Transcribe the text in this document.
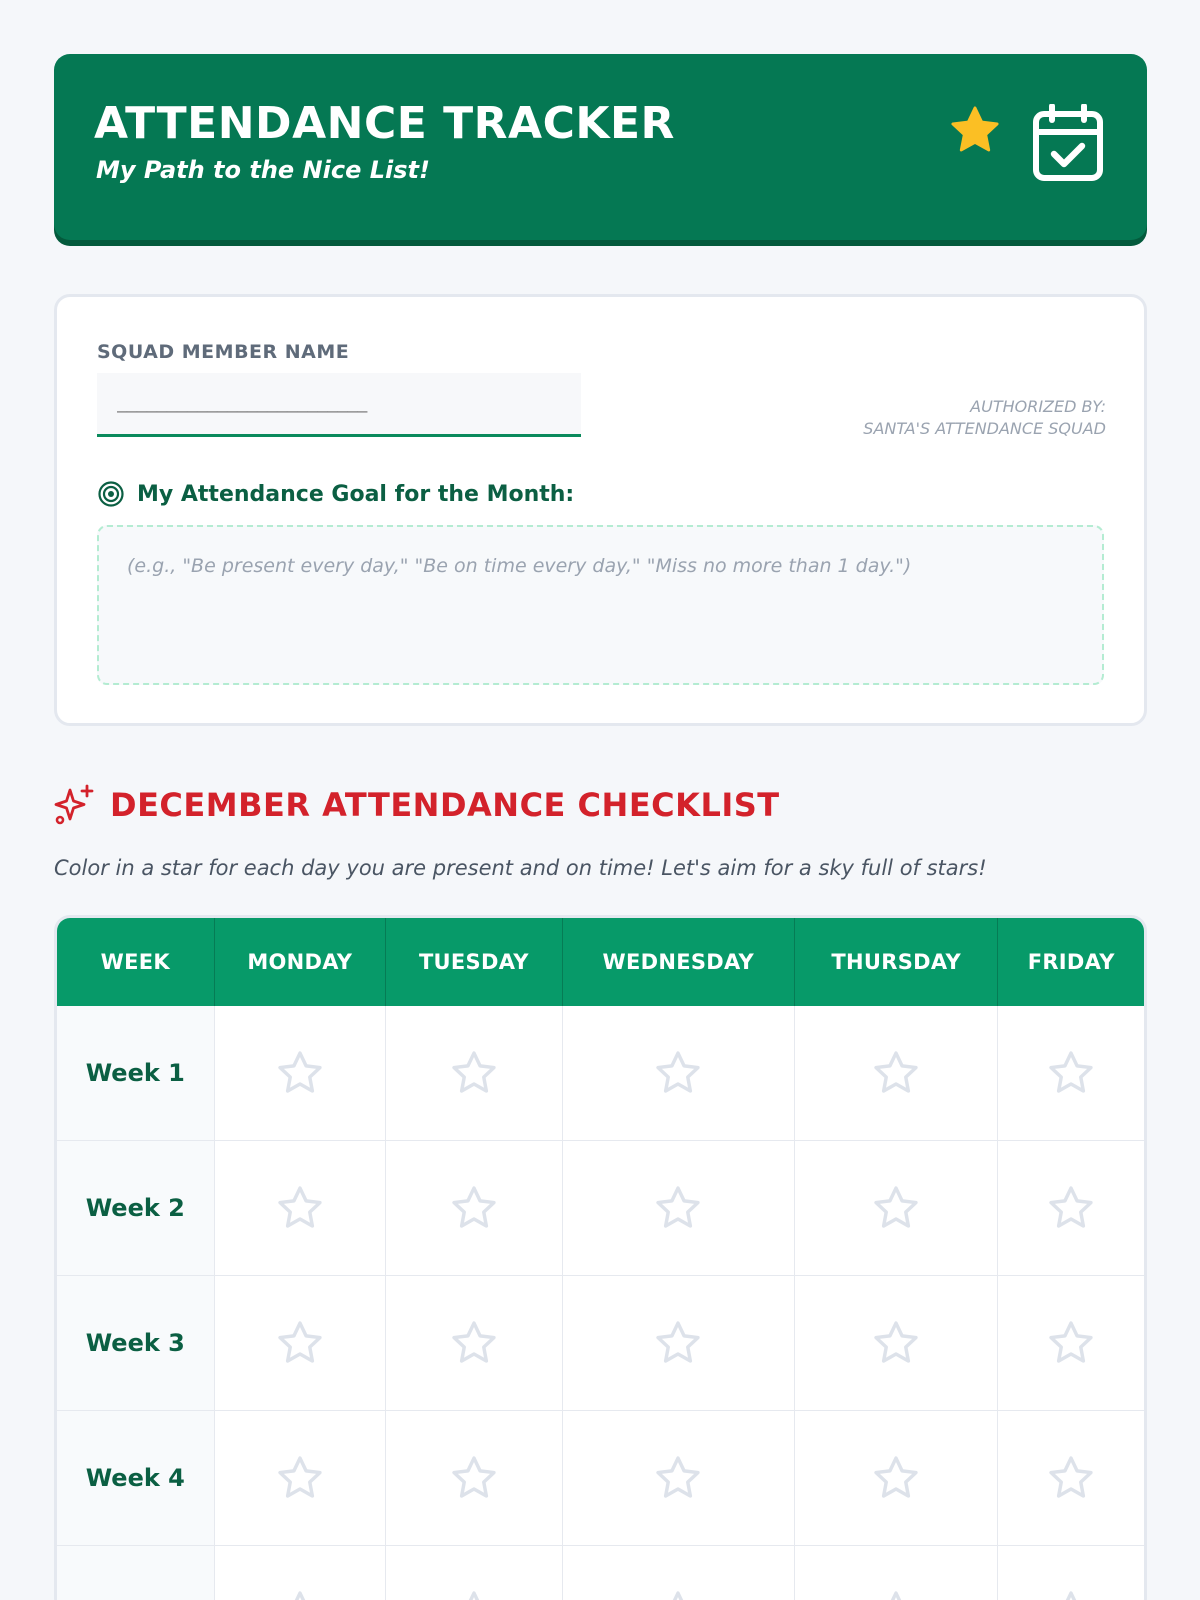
ATTENDANCE TRACKER
My Path to the Nice List!
SQUAD MEMBER NAME
_________________________
AUTHORIZED BY:
SANTA'S ATTENDANCE SQUAD
My Attendance Goal for the Month:
(e.g., "Be present every day," "Be on time every day," "Miss no more than 1 day.")
DECEMBER ATTENDANCE CHECKLIST
Color in a star for each day you are present and on time! Let's aim for a sky full of stars!
WEEK	MONDAY	TUESDAY	WEDNESDAY	THURSDAY	FRIDAY
Week 1
Week 2
Week 3
Week 4
